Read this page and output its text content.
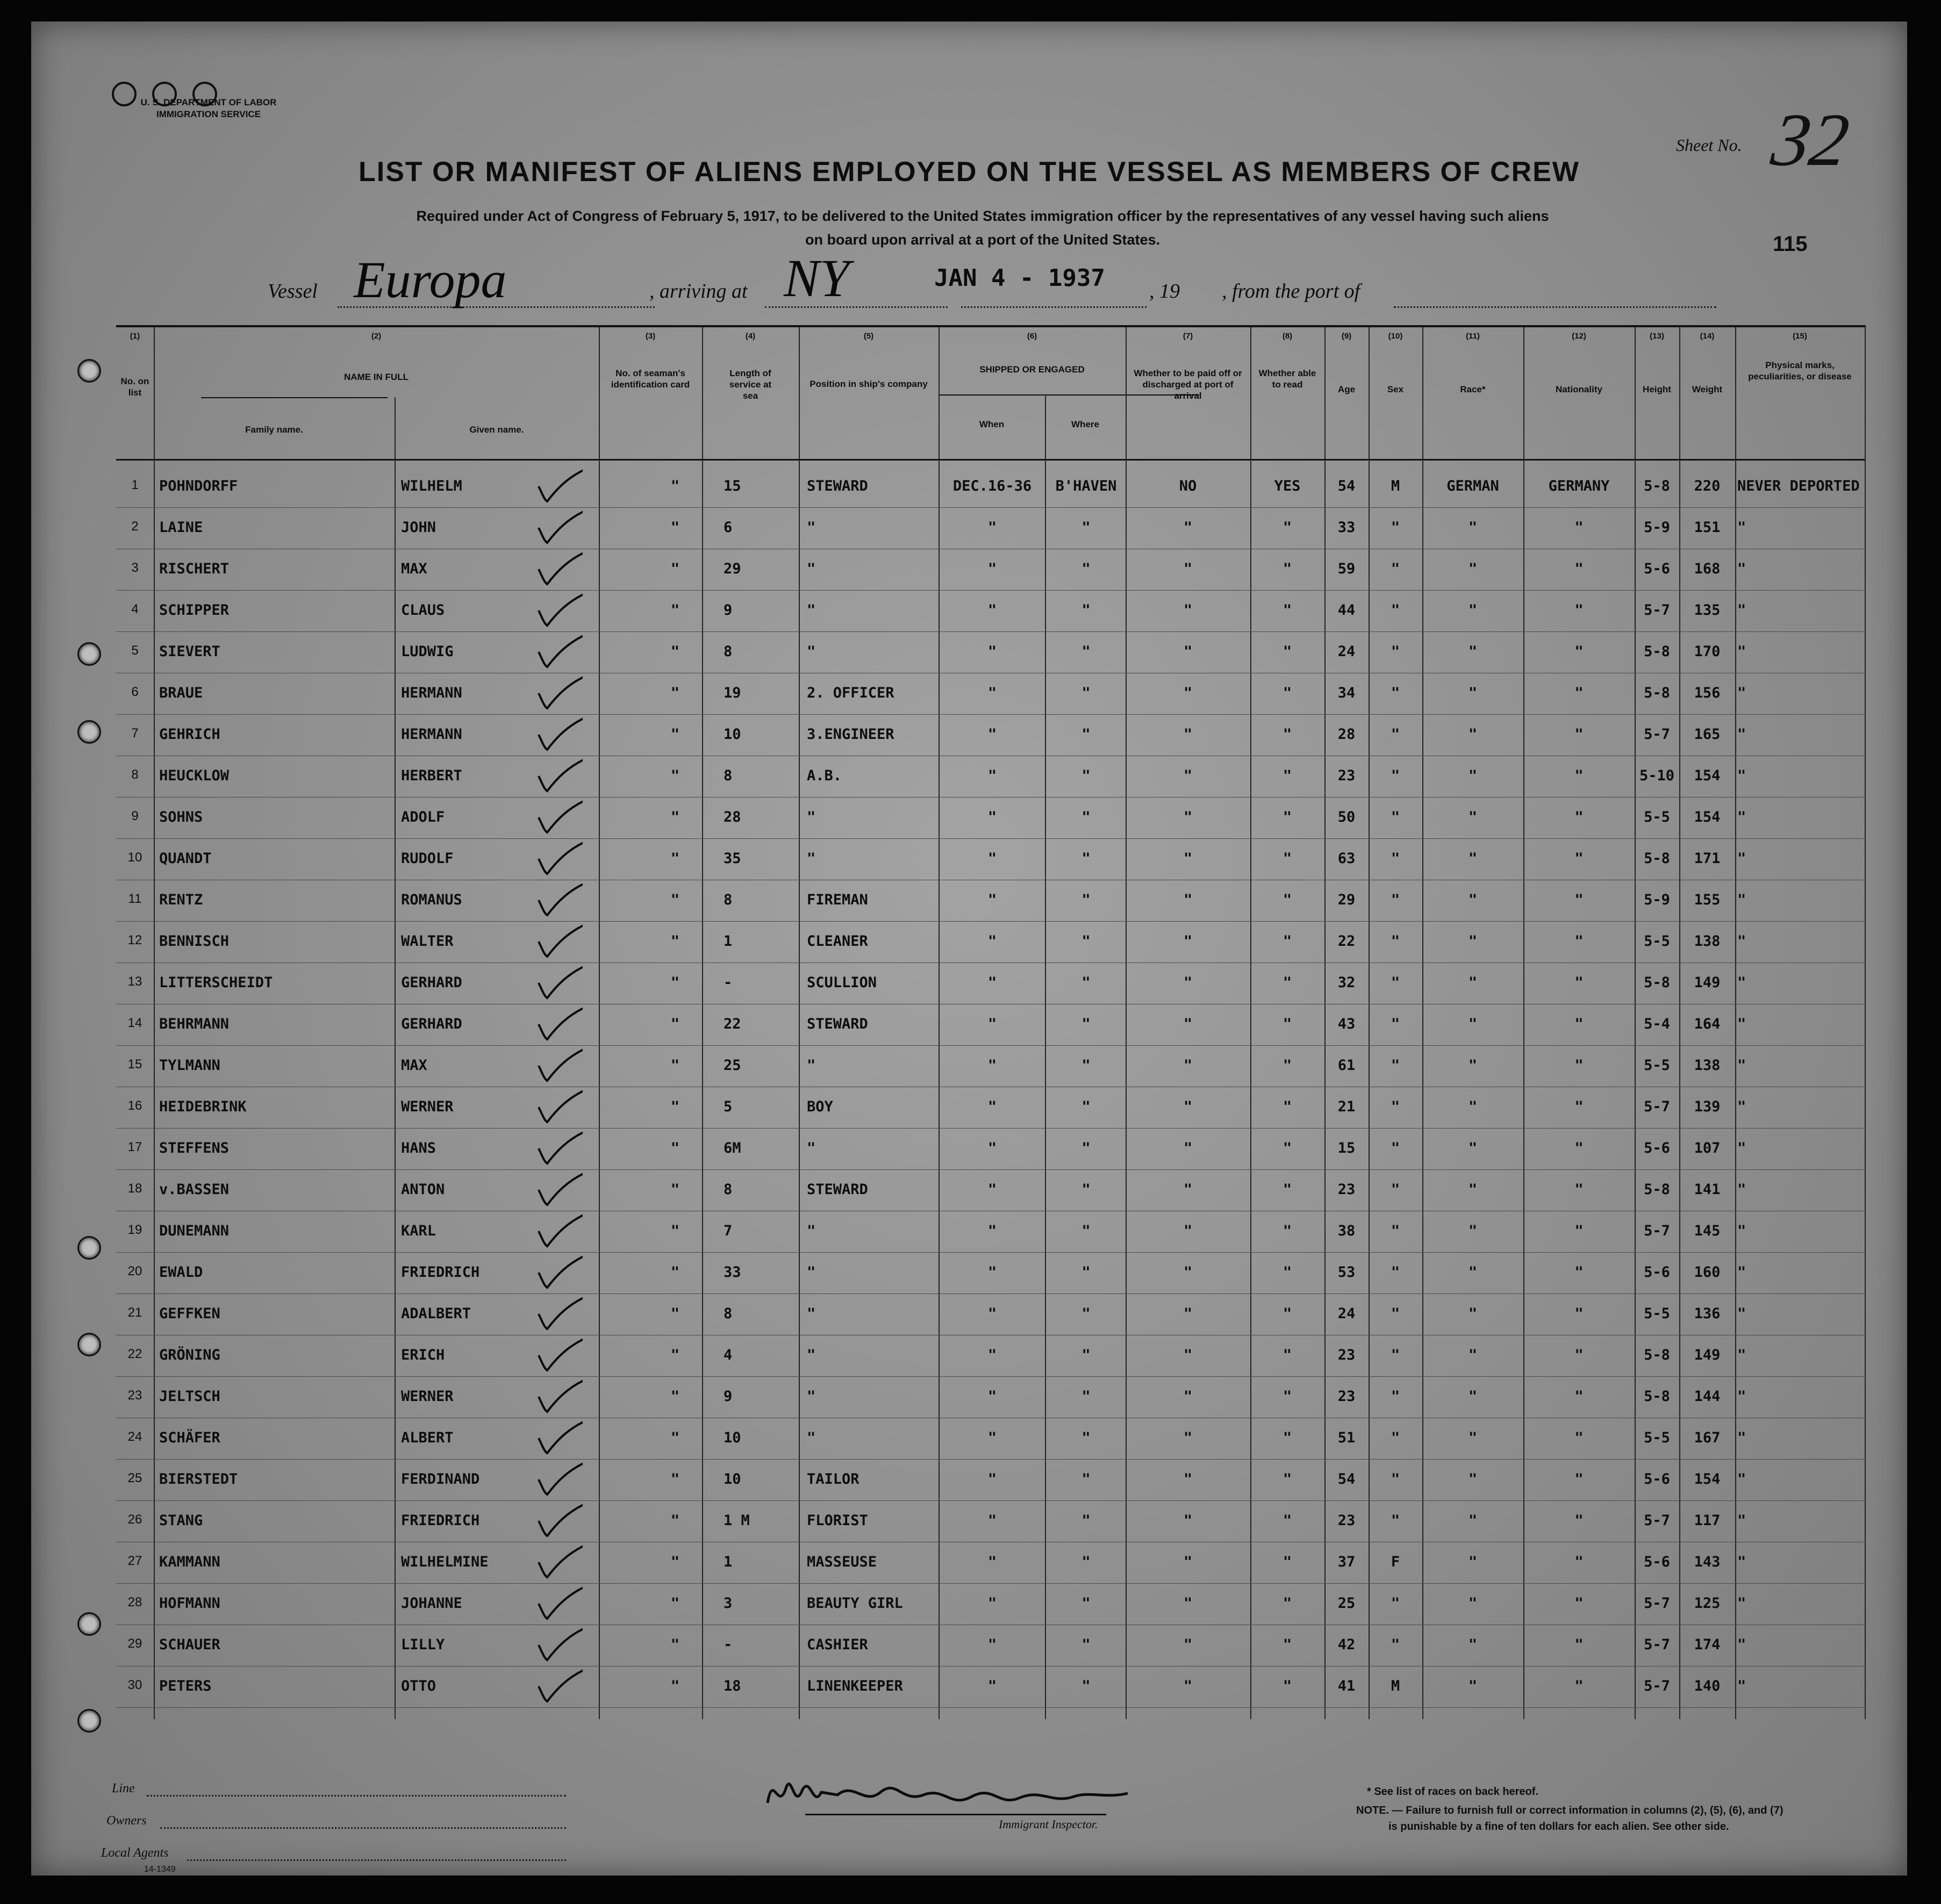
U. S. DEPARTMENT OF LABOR
IMMIGRATION SERVICE
Sheet No. 32
LIST OR MANIFEST OF ALIENS EMPLOYED ON THE VESSEL AS MEMBERS OF CREW
Required under Act of Congress of February 5, 1917, to be delivered to the United States immigration officer by the representatives of any vessel having such aliens
on board upon arrival at a port of the United States.	115
Vessel Europa	, arriving at NY	JAN 4 - 1937 , 19 , from the port of
(1)
No. on list
(2)
NAME IN FULL
Family name.	Given name.
(3)
No. of seaman's identification card
(4)
Length of service at sea
(5)
Position in ship's company
(6)
SHIPPED OR ENGAGED
When	Where
(7)
Whether to be paid off or discharged at port of arrival
(8)
Whether able to read
(9)
Age
(10)
Sex
(11)
Race*
(12)
Nationality
(13)
Height
(14)
Weight
(15)
Physical marks, peculiarities, or disease
1	POHNDORFF	WILHELM	"	15	STEWARD	DEC.16-36	B'HAVEN	NO	YES	54	M	GERMAN	GERMANY	5-8	220	NEVER DEPORTED
2	LAINE	JOHN	"	6	"	"	"	"	"	33	"	"	"	5-9	151	"
3	RISCHERT	MAX	"	29	"	"	"	"	"	59	"	"	"	5-6	168	"
4	SCHIPPER	CLAUS	"	9	"	"	"	"	"	44	"	"	"	5-7	135	"
5	SIEVERT	LUDWIG	"	8	"	"	"	"	"	24	"	"	"	5-8	170	"
6	BRAUE	HERMANN	"	19	2. OFFICER	"	"	"	"	34	"	"	"	5-8	156	"
7	GEHRICH	HERMANN	"	10	3.ENGINEER	"	"	"	"	28	"	"	"	5-7	165	"
8	HEUCKLOW	HERBERT	"	8	A.B.	"	"	"	"	23	"	"	"	5-10	154	"
9	SOHNS	ADOLF	"	28	"	"	"	"	"	50	"	"	"	5-5	154	"
10	QUANDT	RUDOLF	"	35	"	"	"	"	"	63	"	"	"	5-8	171	"
11	RENTZ	ROMANUS	"	8	FIREMAN	"	"	"	"	29	"	"	"	5-9	155	"
12	BENNISCH	WALTER	"	1	CLEANER	"	"	"	"	22	"	"	"	5-5	138	"
13	LITTERSCHEIDT	GERHARD	"	-	SCULLION	"	"	"	"	32	"	"	"	5-8	149	"
14	BEHRMANN	GERHARD	"	22	STEWARD	"	"	"	"	43	"	"	"	5-4	164	"
15	TYLMANN	MAX	"	25	"	"	"	"	"	61	"	"	"	5-5	138	"
16	HEIDEBRINK	WERNER	"	5	BOY	"	"	"	"	21	"	"	"	5-7	139	"
17	STEFFENS	HANS	"	6M	"	"	"	"	"	15	"	"	"	5-6	107	"
18	v.BASSEN	ANTON	"	8	STEWARD	"	"	"	"	23	"	"	"	5-8	141	"
19	DUNEMANN	KARL	"	7	"	"	"	"	"	38	"	"	"	5-7	145	"
20	EWALD	FRIEDRICH	"	33	"	"	"	"	"	53	"	"	"	5-6	160	"
21	GEFFKEN	ADALBERT	"	8	"	"	"	"	"	24	"	"	"	5-5	136	"
22	GRÖNING	ERICH	"	4	"	"	"	"	"	23	"	"	"	5-8	149	"
23	JELTSCH	WERNER	"	9	"	"	"	"	"	23	"	"	"	5-8	144	"
24	SCHÄFER	ALBERT	"	10	"	"	"	"	"	51	"	"	"	5-5	167	"
25	BIERSTEDT	FERDINAND	"	10	TAILOR	"	"	"	"	54	"	"	"	5-6	154	"
26	STANG	FRIEDRICH	"	1 M	FLORIST	"	"	"	"	23	"	"	"	5-7	117	"
27	KAMMANN	WILHELMINE	"	1	MASSEUSE	"	"	"	"	37	F	"	"	5-6	143	"
28	HOFMANN	JOHANNE	"	3	BEAUTY GIRL	"	"	"	"	25	"	"	"	5-7	125	"
29	SCHAUER	LILLY	"	-	CASHIER	"	"	"	"	42	"	"	"	5-7	174	"
30	PETERS	OTTO	"	18	LINENKEEPER	"	"	"	"	41	M	"	"	5-7	140	"
Line
Owners
Local Agents
14-1349
Immigrant Inspector.
* See list of races on back hereof.
NOTE. — Failure to furnish full or correct information in columns (2), (5), (6), and (7)
is punishable by a fine of ten dollars for each alien. See other side.
